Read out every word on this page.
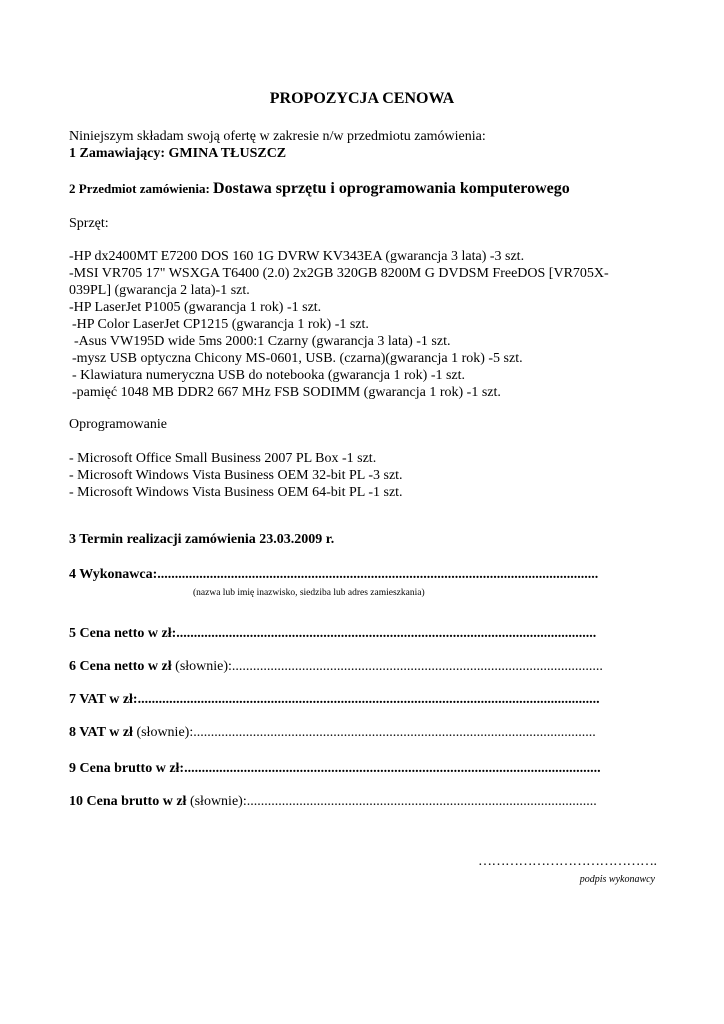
PROPOZYCJA CENOWA
Niniejszym składam swoją ofertę w zakresie n/w przedmiotu zamówienia:
1 Zamawiający: GMINA TŁUSZCZ
2 Przedmiot zamówienia: Dostawa sprzętu i oprogramowania komputerowego
Sprzęt:
-HP dx2400MT E7200 DOS 160 1G DVRW KV343EA (gwarancja 3 lata) -3 szt.
-MSI VR705 17" WSXGA T6400 (2.0) 2x2GB 320GB 8200M G DVDSM FreeDOS [VR705X-
039PL] (gwarancja 2 lata)-1 szt.
-HP LaserJet P1005 (gwarancja 1 rok) -1 szt.
-HP Color LaserJet CP1215 (gwarancja 1 rok) -1 szt.
-Asus VW195D wide 5ms 2000:1 Czarny (gwarancja 3 lata) -1 szt.
-mysz USB optyczna Chicony MS-0601, USB. (czarna)(gwarancja 1 rok) -5 szt.
- Klawiatura numeryczna USB do notebooka (gwarancja 1 rok) -1 szt.
-pamięć 1048 MB DDR2 667 MHz FSB SODIMM (gwarancja 1 rok) -1 szt.
Oprogramowanie
- Microsoft Office Small Business 2007 PL Box -1 szt.
- Microsoft Windows Vista Business OEM 32-bit PL -3 szt.
- Microsoft Windows Vista Business OEM 64-bit PL -1 szt.
3 Termin realizacji zamówienia 23.03.2009 r.
4 Wykonawca:..............................................................................................................................
(nazwa lub imię inazwisko, siedziba lub adres zamieszkania)
5 Cena netto w zł:........................................................................................................................
6 Cena netto w zł (słownie):..........................................................................................................
7 VAT w zł:....................................................................................................................................
8 VAT w zł (słownie):...................................................................................................................
9 Cena brutto w zł:.......................................................................................................................
10 Cena brutto w zł (słownie):....................................................................................................
………………………………….
podpis wykonawcy
